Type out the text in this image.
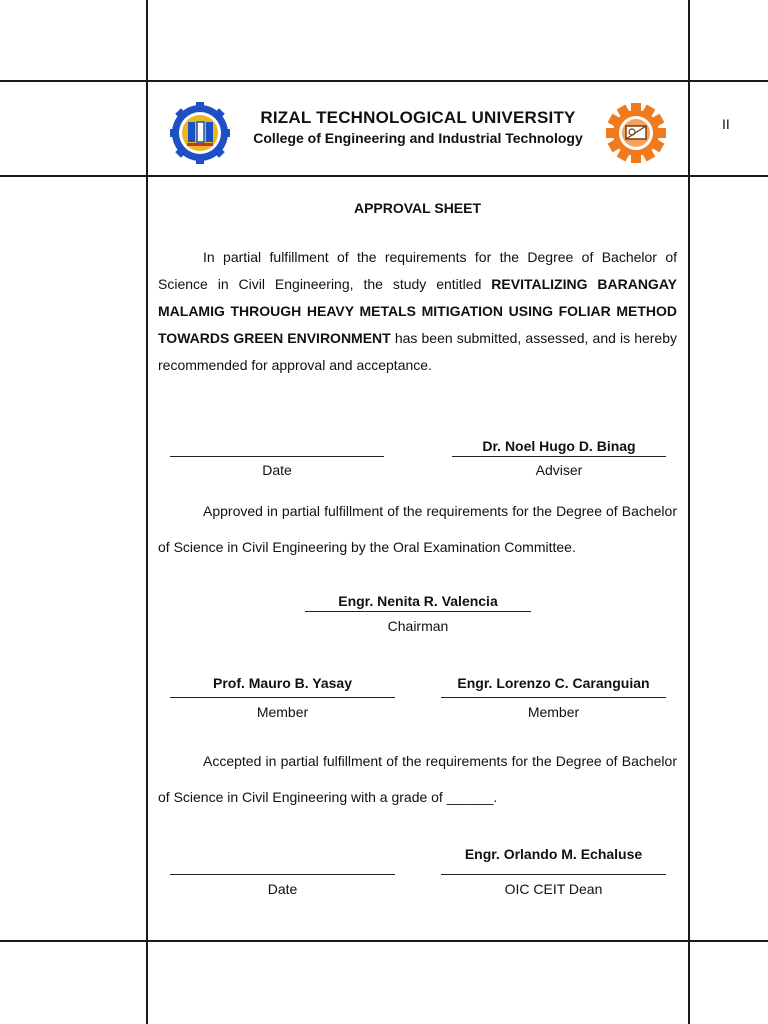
II
RIZAL TECHNOLOGICAL UNIVERSITY
College of Engineering and Industrial Technology
APPROVAL SHEET

In partial fulfillment of the requirements for the Degree of Bachelor of Science in Civil Engineering, the study entitled REVITALIZING BARANGAY MALAMIG THROUGH HEAVY METALS MITIGATION USING FOLIAR METHOD TOWARDS GREEN ENVIRONMENT has been submitted, assessed, and is hereby recommended for approval and acceptance.

Date
Dr. Noel Hugo D. Binag
Adviser

Approved in partial fulfillment of the requirements for the Degree of Bachelor of Science in Civil Engineering by the Oral Examination Committee.

Engr. Nenita R. Valencia
Chairman
Prof. Mauro B. Yasay
Member
Engr. Lorenzo C. Caranguian
Member

Accepted in partial fulfillment of the requirements for the Degree of Bachelor of Science in Civil Engineering with a grade of ______.

Date
Engr. Orlando M. Echaluse
OIC CEIT Dean
